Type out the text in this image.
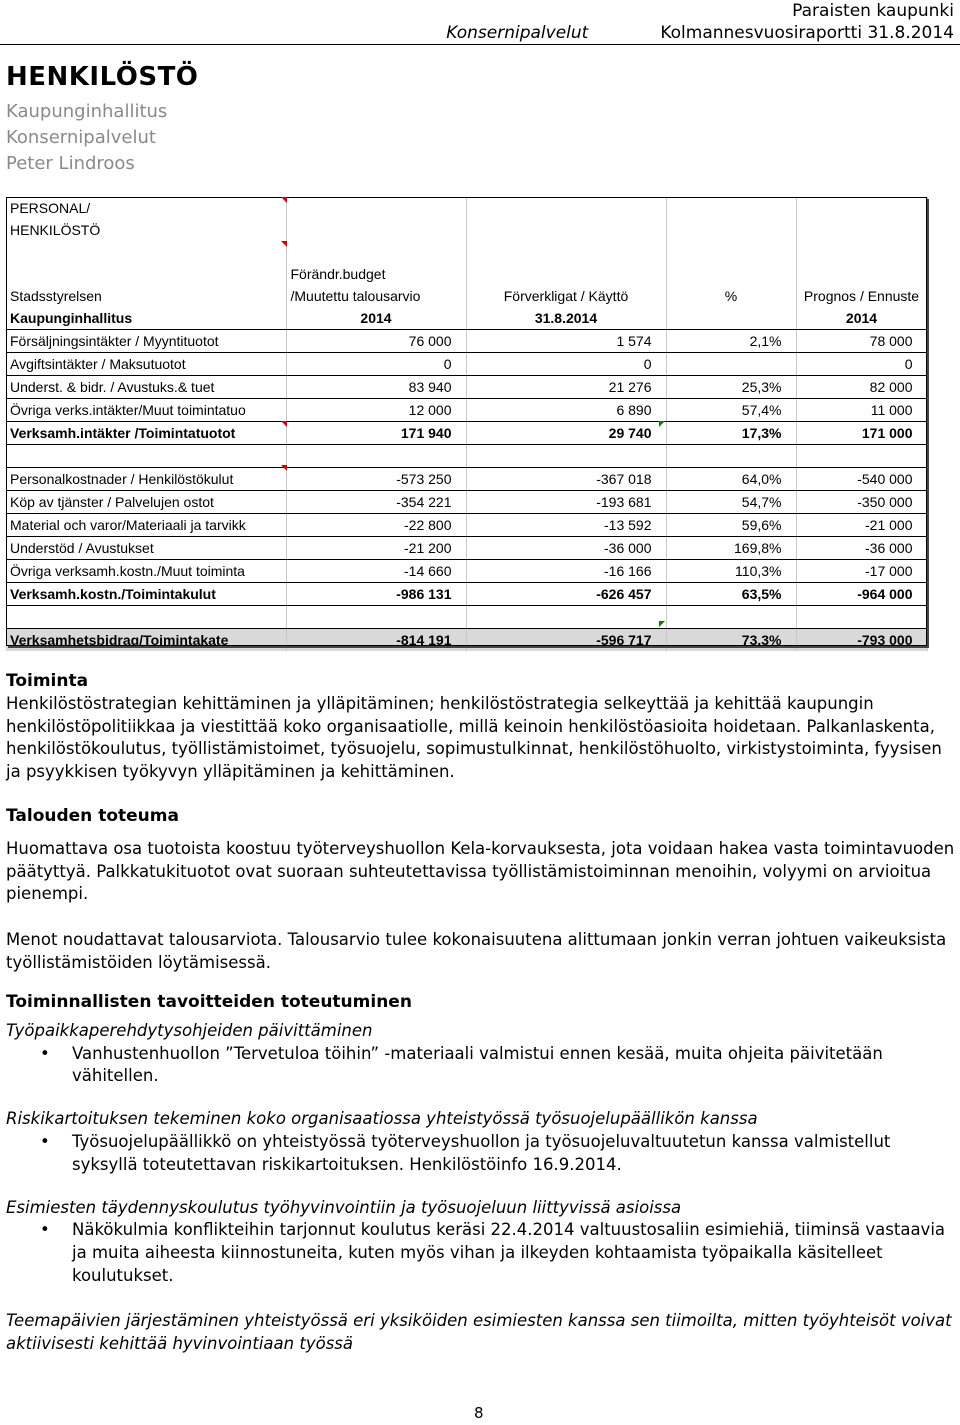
Paraisten kaupunki
Konsernipalvelut	Kolmannesvuosiraportti 31.8.2014
HENKILÖSTÖ
Kaupunginhallitus
Konsernipalvelut
Peter Lindroos
PERSONAL/				
HENKILÖSTÖ				

	Förändr.budget			
Stadsstyrelsen	/Muutettu talousarvio	Förverkligat / Käyttö	%	Prognos / Ennuste
Kaupunginhallitus	2014	31.8.2014		2014
Försäljningsintäkter / Myyntituotot	76 000	1 574	2,1%	78 000
Avgiftsintäkter / Maksutuotot	0	0		0
Underst. & bidr. / Avustuks.& tuet	83 940	21 276	25,3%	82 000
Övriga verks.intäkter/Muut toimintatuo	12 000	6 890	57,4%	11 000
Verksamh.intäkter /Toimintatuotot	171 940	29 740	17,3%	171 000

Personalkostnader / Henkilöstökulut	-573 250	-367 018	64,0%	-540 000
Köp av tjänster / Palvelujen ostot	-354 221	-193 681	54,7%	-350 000
Material och varor/Materiaali ja tarvikk	-22 800	-13 592	59,6%	-21 000
Understöd / Avustukset	-21 200	-36 000	169,8%	-36 000
Övriga verksamh.kostn./Muut toiminta	-14 660	-16 166	110,3%	-17 000
Verksamh.kostn./Toimintakulut	-986 131	-626 457	63,5%	-964 000

Verksamhetsbidrag/Toimintakate	-814 191	-596 717	73,3%	-793 000
Toiminta
Henkilöstöstrategian kehittäminen ja ylläpitäminen; henkilöstöstrategia selkeyttää ja kehittää kaupungin henkilöstöpolitiikkaa ja viestittää koko organisaatiolle, millä keinoin henkilöstöasioita hoidetaan. Palkanlaskenta, henkilöstökoulutus, työllistämistoimet, työsuojelu, sopimustulkinnat, henkilöstöhuolto, virkistystoiminta, fyysisen ja psyykkisen työkyvyn ylläpitäminen ja kehittäminen.
Talouden toteuma
Huomattava osa tuotoista koostuu työterveyshuollon Kela-korvauksesta, jota voidaan hakea vasta toimintavuoden päätyttyä. Palkkatukituotot ovat suoraan suhteutettavissa työllistämistoiminnan menoihin, volyymi on arvioitua pienempi.
Menot noudattavat talousarviota. Talousarvio tulee kokonaisuutena alittumaan jonkin verran johtuen vaikeuksista työllistämistöiden löytämisessä.
Toiminnallisten tavoitteiden toteutuminen
Työpaikkaperehdytysohjeiden päivittäminen
• Vanhustenhuollon ”Tervetuloa töihin” -materiaali valmistui ennen kesää, muita ohjeita päivitetään vähitellen.
Riskikartoituksen tekeminen koko organisaatiossa yhteistyössä työsuojelupäällikön kanssa
• Työsuojelupäällikkö on yhteistyössä työterveyshuollon ja työsuojeluvaltuutetun kanssa valmistellut syksyllä toteutettavan riskikartoituksen. Henkilöstöinfo 16.9.2014.
Esimiesten täydennyskoulutus työhyvinvointiin ja työsuojeluun liittyvissä asioissa
• Näkökulmia konflikteihin tarjonnut koulutus keräsi 22.4.2014 valtuustosaliin esimiehiä, tiiminsä vastaavia ja muita aiheesta kiinnostuneita, kuten myös vihan ja ilkeyden kohtaamista työpaikalla käsitelleet koulutukset.
Teemapäivien järjestäminen yhteistyössä eri yksiköiden esimiesten kanssa sen tiimoilta, mitten työyhteisöt voivat aktiivisesti kehittää hyvinvointiaan työssä
8
